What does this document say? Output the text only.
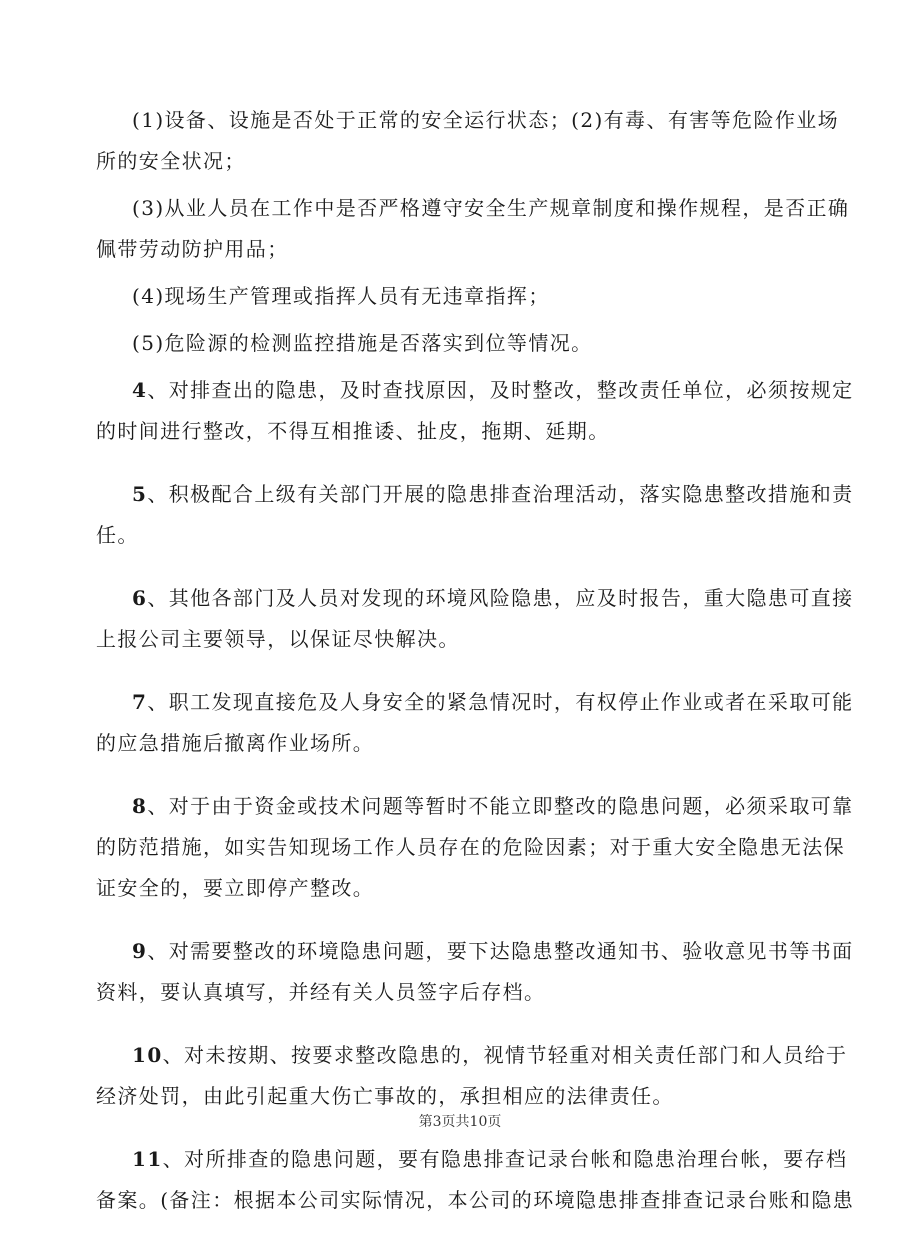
(1)设备、设施是否处于正常的安全运行状态；(2)有毒、有害等危险作业场
所的安全状况；

(3)从业人员在工作中是否严格遵守安全生产规章制度和操作规程，是否正确
佩带劳动防护用品；

(4)现场生产管理或指挥人员有无违章指挥；

(5)危险源的检测监控措施是否落实到位等情况。

4、对排查出的隐患，及时查找原因，及时整改，整改责任单位，必须按规定
的时间进行整改，不得互相推诿、扯皮，拖期、延期。

5、积极配合上级有关部门开展的隐患排查治理活动，落实隐患整改措施和责
任。

6、其他各部门及人员对发现的环境风险隐患，应及时报告，重大隐患可直接
上报公司主要领导，以保证尽快解决。

7、职工发现直接危及人身安全的紧急情况时，有权停止作业或者在采取可能
的应急措施后撤离作业场所。

8、对于由于资金或技术问题等暂时不能立即整改的隐患问题，必须采取可靠
的防范措施，如实告知现场工作人员存在的危险因素；对于重大安全隐患无法保
证安全的，要立即停产整改。

9、对需要整改的环境隐患问题，要下达隐患整改通知书、验收意见书等书面
资料，要认真填写，并经有关人员签字后存档。

10、对未按期、按要求整改隐患的，视情节轻重对相关责任部门和人员给于
经济处罚，由此引起重大伤亡事故的，承担相应的法律责任。

11、对所排查的隐患问题，要有隐患排查记录台帐和隐患治理台帐，要存档
备案。(备注：根据本公司实际情况，本公司的环境隐患排查排查记录台账和隐患

第3页共10页
